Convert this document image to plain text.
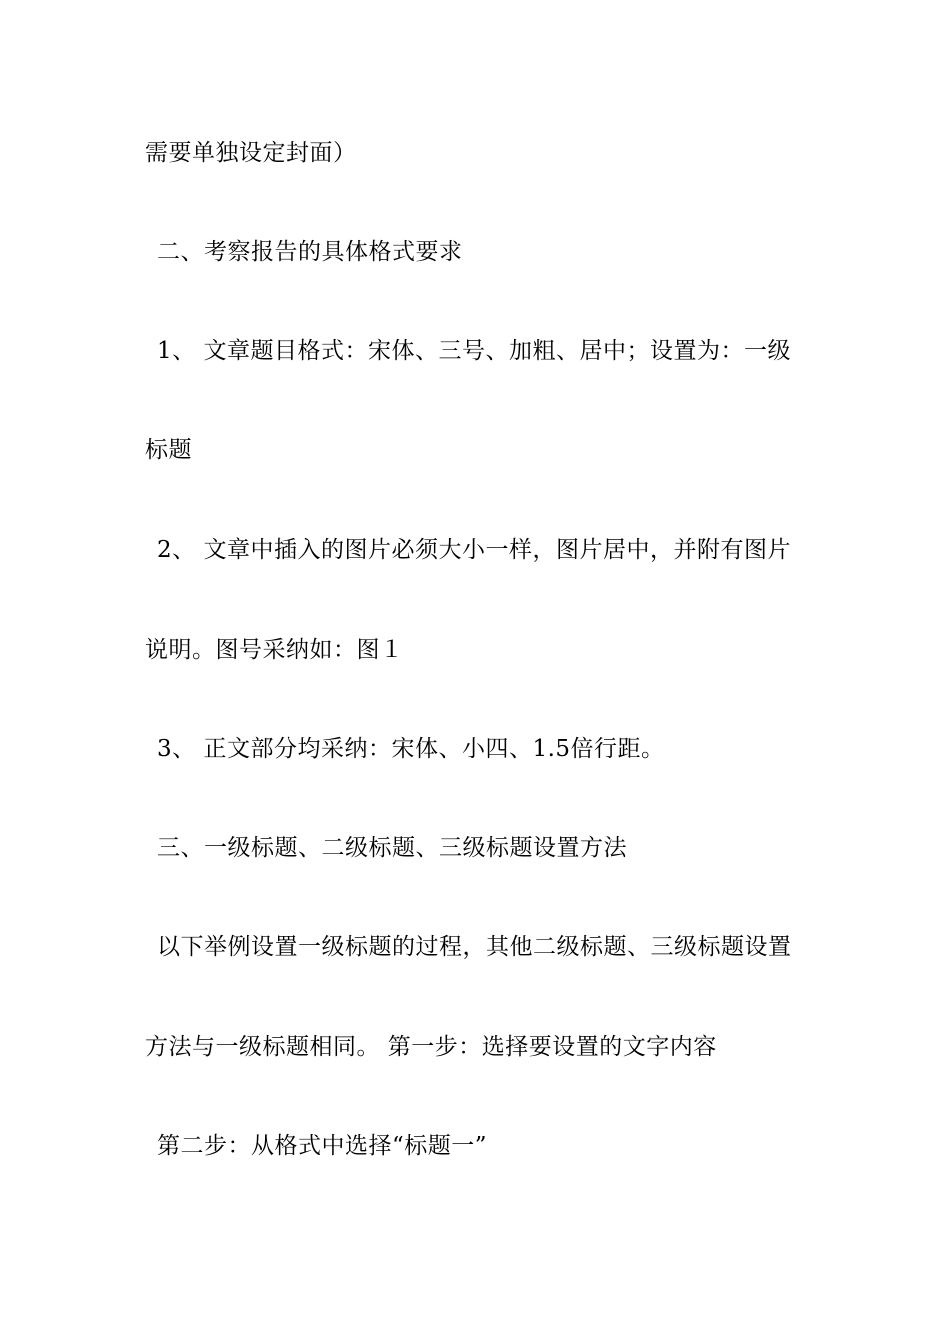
需要单独设定封面）
二、考察报告的具体格式要求
1、 文章题目格式：宋体、三号、加粗、居中；设置为：一级
标题
2、 文章中插入的图片必须大小一样，图片居中，并附有图片
说明。图号采纳如：图１
3、 正文部分均采纳：宋体、小四、1.5倍行距。
三、一级标题、二级标题、三级标题设置方法
以下举例设置一级标题的过程，其他二级标题、三级标题设置
方法与一级标题相同。 第一步：选择要设置的文字内容
第二步：从格式中选择“标题一”
